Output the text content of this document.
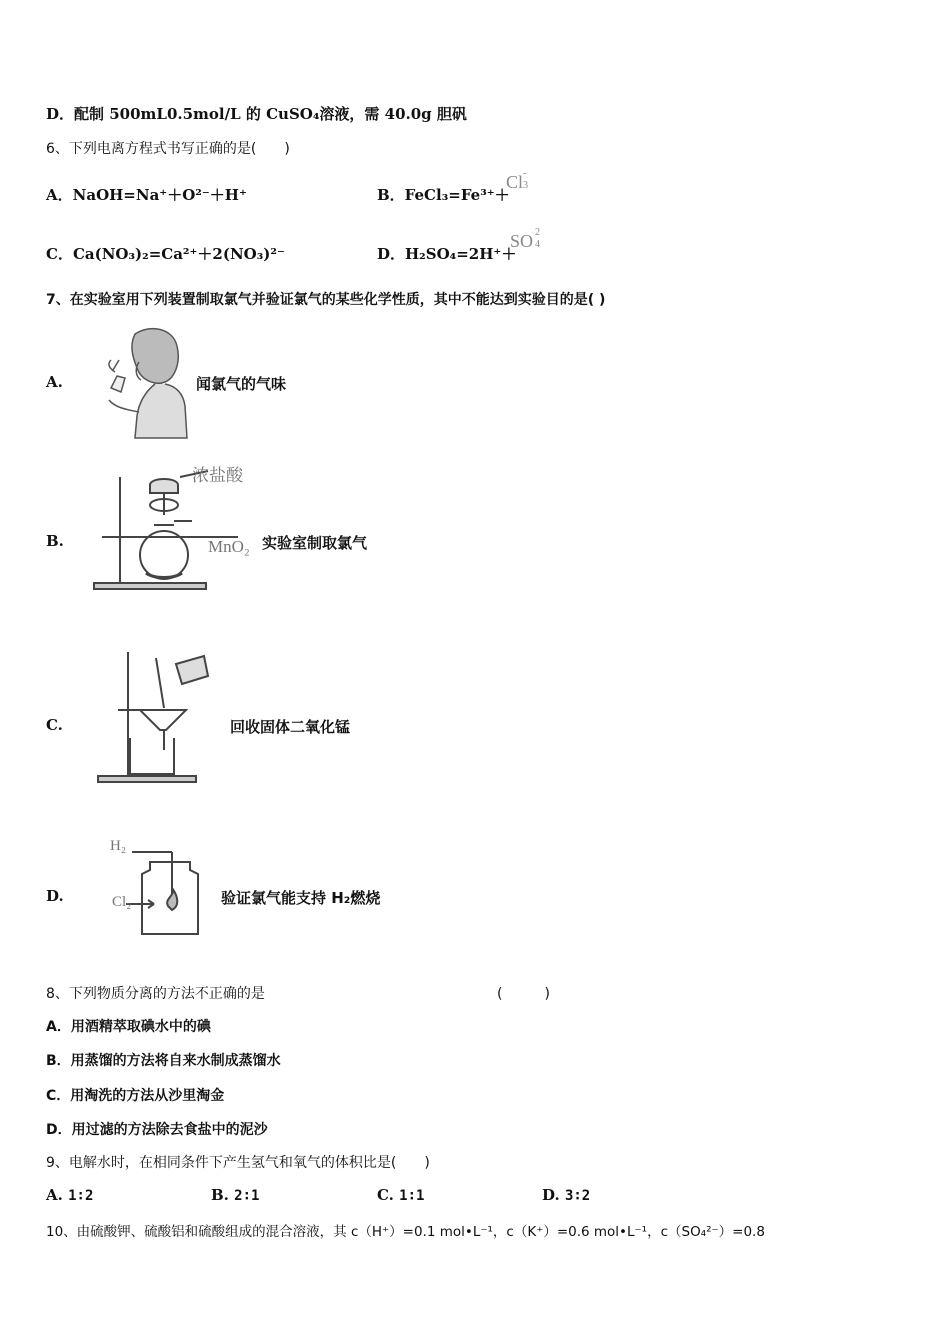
D．配制 500mL0.5mol/L 的 CuSO₄溶液，需 40.0g 胆矾
6、下列电离方程式书写正确的是(　　)
A．NaOH=Na⁺＋O²⁻＋H⁺	B．FeCl₃=Fe³⁺＋
Cl -
3
C．Ca(NO₃)₂=Ca²⁺＋2(NO₃)²⁻	D．H₂SO₄=2H⁺＋
SO 2
4
7、在实验室用下列装置制取氯气并验证氯气的某些化学性质，其中不能达到实验目的是( )
A.	闻氯气的气味
B.
浓盐酸
MnO₂ 实验室制取氯气
C.	回收固体二氧化锰
D.
H₂
Cl₂	验证氯气能支持 H₂燃烧
8、下列物质分离的方法不正确的是	(　　　)
A．用酒精萃取碘水中的碘
B．用蒸馏的方法将自来水制成蒸馏水
C．用淘洗的方法从沙里淘金
D．用过滤的方法除去食盐中的泥沙
9、电解水时，在相同条件下产生氢气和氧气的体积比是(　　)
A. 1∶2	B. 2∶1	C. 1∶1	D. 3∶2
10、由硫酸钾、硫酸铝和硫酸组成的混合溶液，其 c（H⁺）=0.1 mol•L⁻¹，c（K⁺）=0.6 mol•L⁻¹，c（SO₄²⁻）=0.8
